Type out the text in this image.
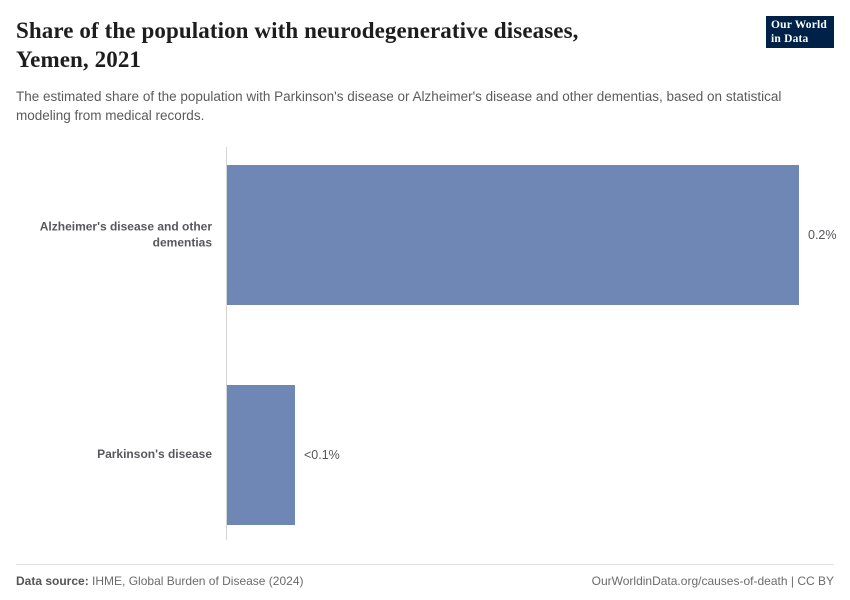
Share of the population with neurodegenerative diseases, Yemen, 2021

The estimated share of the population with Parkinson's disease or Alzheimer's disease and other dementias, based on statistical modeling from medical records.

Our World
in Data
Alzheimer's disease and other dementias	0.2%
Parkinson's disease	<0.1%
Data source: IHME, Global Burden of Disease (2024)	OurWorldinData.org/causes-of-death | CC BY
